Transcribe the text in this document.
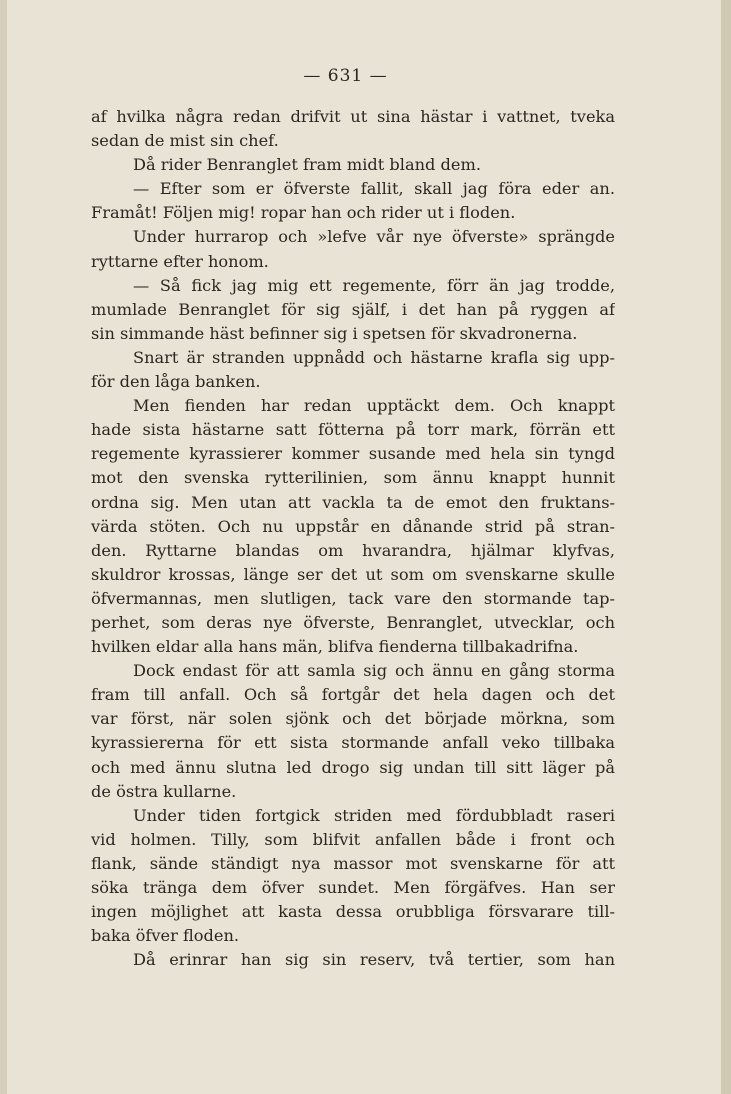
— 631 —
af hvilka några redan drifvit ut sina hästar i vattnet, tveka
sedan de mist sin chef.
Då rider Benranglet fram midt bland dem.
— Efter som er öfverste fallit, skall jag föra eder an.
Framåt! Följen mig! ropar han och rider ut i floden.
Under hurrarop och »lefve vår nye öfverste» sprängde
ryttarne efter honom.
— Så fick jag mig ett regemente, förr än jag trodde,
mumlade Benranglet för sig själf, i det han på ryggen af
sin simmande häst befinner sig i spetsen för skvadronerna.
Snart är stranden uppnådd och hästarne krafla sig upp-
för den låga banken.
Men fienden har redan upptäckt dem. Och knappt
hade sista hästarne satt fötterna på torr mark, förrän ett
regemente kyrassierer kommer susande med hela sin tyngd
mot den svenska rytterilinien, som ännu knappt hunnit
ordna sig. Men utan att vackla ta de emot den fruktans-
värda stöten. Och nu uppstår en dånande strid på stran-
den. Ryttarne blandas om hvarandra, hjälmar klyfvas,
skuldror krossas, länge ser det ut som om svenskarne skulle
öfvermannas, men slutligen, tack vare den stormande tap-
perhet, som deras nye öfverste, Benranglet, utvecklar, och
hvilken eldar alla hans män, blifva fienderna tillbakadrifna.
Dock endast för att samla sig och ännu en gång storma
fram till anfall. Och så fortgår det hela dagen och det
var först, när solen sjönk och det började mörkna, som
kyrassiererna för ett sista stormande anfall veko tillbaka
och med ännu slutna led drogo sig undan till sitt läger på
de östra kullarne.
Under tiden fortgick striden med fördubbladt raseri
vid holmen. Tilly, som blifvit anfallen både i front och
flank, sände ständigt nya massor mot svenskarne för att
söka tränga dem öfver sundet. Men förgäfves. Han ser
ingen möjlighet att kasta dessa orubbliga försvarare till-
baka öfver floden.
Då erinrar han sig sin reserv, två tertier, som han
